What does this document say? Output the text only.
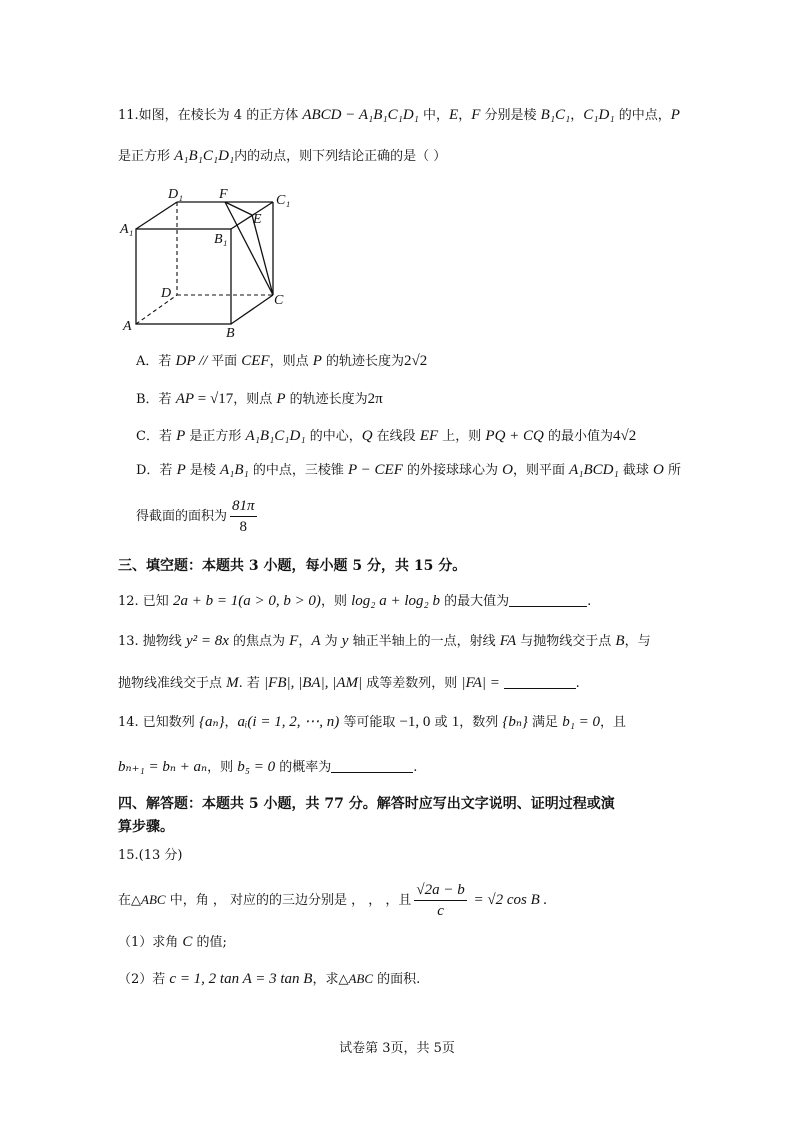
11.如图，在棱长为 4 的正方体 ABCD − A₁B₁C₁D₁ 中，E，F 分别是棱 B₁C₁，C₁D₁ 的中点，P
是正方形 A₁B₁C₁D₁内的动点，则下列结论正确的是（ ）
D₁	F	C₁
E
A₁
B₁
D	C
A	B
A．若 DP // 平面 CEF，则点 P 的轨迹长度为2√2
B．若 AP = √17，则点 P 的轨迹长度为2π
C．若 P 是正方形 A₁B₁C₁D₁ 的中心，Q 在线段 EF 上，则 PQ + CQ 的最小值为4√2
D．若 P 是棱 A₁B₁ 的中点，三棱锥 P − CEF 的外接球球心为 O，则平面 A₁BCD₁ 截球 O 所
得截面的面积为 $\frac{81\pi}{8}$
三、填空题：本题共 3 小题，每小题 5 分，共 15 分。
12. 已知 2a + b = 1(a > 0, b > 0)，则 log₂ a + log₂ b 的最大值为	.
13. 抛物线 y² = 8x 的焦点为 F，A 为 y 轴正半轴上的一点，射线 FA 与抛物线交于点 B，与
抛物线准线交于点 M. 若 |FB|, |BA|, |AM| 成等差数列，则 |FA| =	.
14. 已知数列 {aₙ}，aᵢ(i = 1, 2, ⋯, n) 等可能取 −1, 0 或 1，数列 {bₙ} 满足 b₁ = 0，且
bₙ₊₁ = bₙ + aₙ，则 b₅ = 0 的概率为	.
四、解答题：本题共 5 小题，共 77 分。解答时应写出文字说明、证明过程或演
算步骤。
15.(13 分)
在△ABC 中，角 ， 对应的的三边分别是 ， ， ，且 $\frac{√2a - b}{c} = √2$ cos B .
（1）求角 C 的值;
（2）若 c = 1, 2 tan A = 3 tan B，求△ABC 的面积.
试卷第 3页，共 5页
